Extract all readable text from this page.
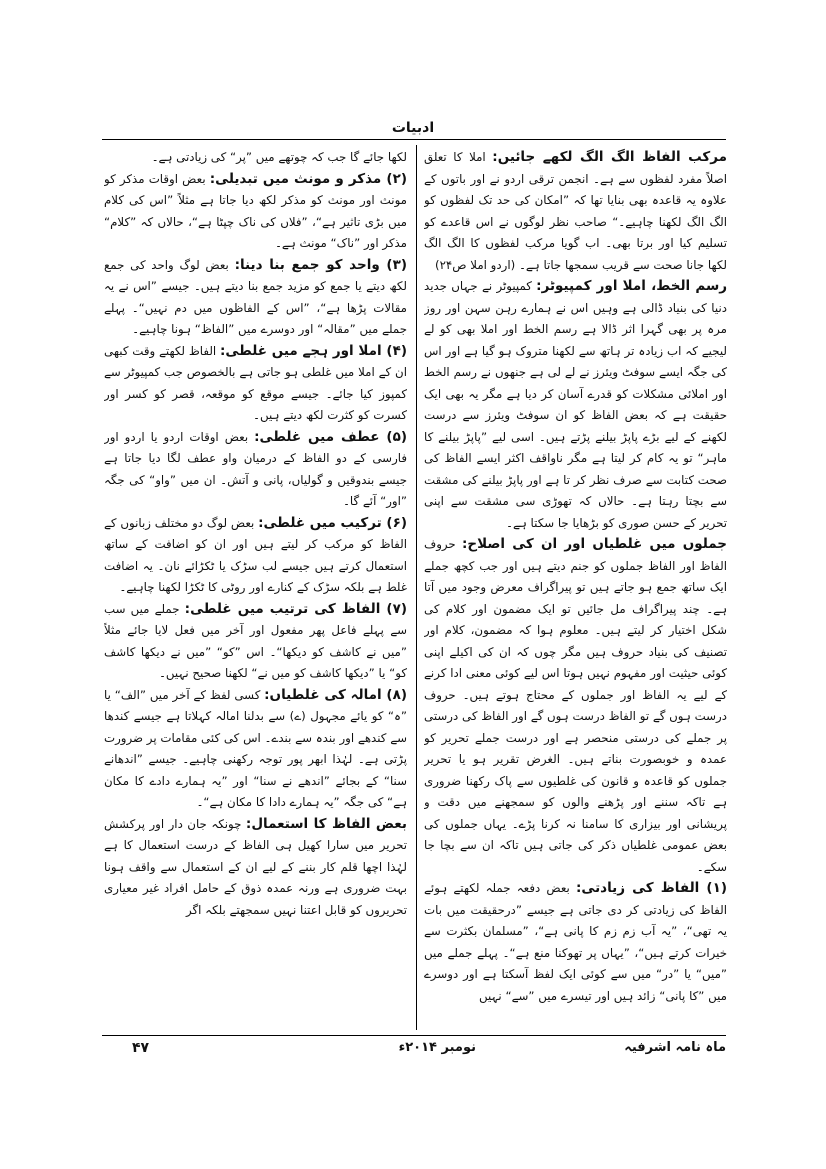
ادبیات

مرکب الفاظ الگ الگ لکھے جائیں: املا کا تعلق اصلاً مفرد لفظوں سے ہے۔ انجمن ترقی اردو نے اور باتوں کے علاوہ یہ قاعدہ بھی بنایا تھا کہ ”امکان کی حد تک لفظوں کو الگ الگ لکھنا چاہیے۔“ صاحب نظر لوگوں نے اس قاعدے کو تسلیم کیا اور برتا بھی۔ اب گویا مرکب لفظوں کا الگ الگ لکھا جانا صحت سے قریب سمجھا جاتا ہے۔ (اردو املا ص۲۴)

رسم الخط، املا اور کمپیوٹر: کمپیوٹر نے جہاں جدید دنیا کی بنیاد ڈالی ہے وہیں اس نے ہمارے رہن سہن اور روز مرہ پر بھی گہرا اثر ڈالا ہے رسم الخط اور املا بھی کو لے لیجیے کہ اب زیادہ تر ہاتھ سے لکھنا متروک ہو گیا ہے اور اس کی جگہ ایسے سوفٹ ویئرز نے لے لی ہے جنھوں نے رسم الخط اور املائی مشکلات کو قدرے آسان کر دیا ہے مگر یہ بھی ایک حقیقت ہے کہ بعض الفاظ کو ان سوفٹ ویئرز سے درست لکھنے کے لیے بڑے پاپڑ بیلنے پڑتے ہیں۔ اسی لیے ”پاپڑ بیلنے کا ماہر“ تو یہ کام کر لیتا ہے مگر ناواقف اکثر ایسے الفاظ کی صحت کتابت سے صرف نظر کر تا ہے اور پاپڑ بیلنے کی مشقت سے بچتا رہتا ہے۔ حالاں کہ تھوڑی سی مشقت سے اپنی تحریر کے حسن صوری کو بڑھایا جا سکتا ہے۔

جملوں میں غلطیاں اور ان کی اصلاح: حروف الفاظ اور الفاظ جملوں کو جنم دیتے ہیں اور جب کچھ جملے ایک ساتھ جمع ہو جاتے ہیں تو پیراگراف معرض وجود میں آتا ہے۔ چند پیراگراف مل جائیں تو ایک مضمون اور کلام کی شکل اختیار کر لیتے ہیں۔ معلوم ہوا کہ مضمون، کلام اور تصنیف کی بنیاد حروف ہیں مگر چوں کہ ان کی اکیلے اپنی کوئی حیثیت اور مفہوم نہیں ہوتا اس لیے کوئی معنی ادا کرنے کے لیے یہ الفاظ اور جملوں کے محتاج ہوتے ہیں۔ حروف درست ہوں گے تو الفاظ درست ہوں گے اور الفاظ کی درستی پر جملے کی درستی منحصر ہے اور درست جملے تحریر کو عمدہ و خوبصورت بناتے ہیں۔ الغرض تقریر ہو یا تحریر جملوں کو قاعدہ و قانون کی غلطیوں سے پاک رکھنا ضروری ہے تاکہ سننے اور پڑھنے والوں کو سمجھنے میں دقت و پریشانی اور بیزاری کا سامنا نہ کرنا پڑے۔ یہاں جملوں کی بعض عمومی غلطیاں ذکر کی جاتی ہیں تاکہ ان سے بچا جا سکے۔

(۱) الفاظ کی زیادتی: بعض دفعہ جملہ لکھتے ہوئے الفاظ کی زیادتی کر دی جاتی ہے جیسے ”درحقیقت میں بات یہ تھی“، ”یہ آب زم زم کا پانی ہے“، ”مسلمان بکثرت سے خیرات کرتے ہیں“، ”یہاں پر تھوکنا منع ہے“۔ پہلے جملے میں ”میں“ یا ”در“ میں سے کوئی ایک لفظ آسکتا ہے اور دوسرے میں ”کا پانی“ زائد ہیں اور تیسرے میں ”سے“ نہیں

لکھا جائے گا جب کہ چوتھے میں ”پر“ کی زیادتی ہے۔

(۲) مذکر و مونث میں تبدیلی: بعض اوقات مذکر کو مونث اور مونث کو مذکر لکھ دیا جاتا ہے مثلاً ”اس کی کلام میں بڑی تاثیر ہے“، ”فلاں کی ناک چپٹا ہے“، حالاں کہ ”کلام“ مذکر اور ”ناک“ مونث ہے۔

(۳) واحد کو جمع بنا دینا: بعض لوگ واحد کی جمع لکھ دیتے یا جمع کو مزید جمع بنا دیتے ہیں۔ جیسے ”اس نے یہ مقالات پڑھا ہے“، ”اس کے الفاظوں میں دم نہیں“۔ پہلے جملے میں ”مقالہ“ اور دوسرے میں ”الفاظ“ ہونا چاہیے۔

(۴) املا اور ہجے میں غلطی: الفاظ لکھتے وقت کبھی ان کے املا میں غلطی ہو جاتی ہے بالخصوص جب کمپیوٹر سے کمپوز کیا جائے۔ جیسے موقع کو موقعہ، قصر کو کسر اور کسرت کو کثرت لکھ دیتے ہیں۔

(۵) عطف میں غلطی: بعض اوقات اردو یا اردو اور فارسی کے دو الفاظ کے درمیان واو عطف لگا دیا جاتا ہے جیسے بندوقیں و گولیاں، پانی و آتش۔ ان میں ”واو“ کی جگہ ”اور“ آئے گا۔

(۶) ترکیب میں غلطی: بعض لوگ دو مختلف زبانوں کے الفاظ کو مرکب کر لیتے ہیں اور ان کو اضافت کے ساتھ استعمال کرتے ہیں جیسے لب سڑک یا ٹکڑائے نان۔ یہ اضافت غلط ہے بلکہ سڑک کے کنارے اور روٹی کا ٹکڑا لکھنا چاہیے۔

(۷) الفاظ کی ترتیب میں غلطی: جملے میں سب سے پہلے فاعل پھر مفعول اور آخر میں فعل لایا جائے مثلاً ”میں نے کاشف کو دیکھا“۔ اس ”کو“ ”میں نے دیکھا کاشف کو“ یا ”دیکھا کاشف کو میں نے“ لکھنا صحیح نہیں۔

(۸) امالہ کی غلطیاں: کسی لفظ کے آخر میں ”الف“ یا ”ہ“ کو یائے مجہول (ے) سے بدلنا امالہ کہلاتا ہے جیسے کندھا سے کندھے اور بندہ سے بندے۔ اس کی کئی مقامات پر ضرورت پڑتی ہے۔ لہٰذا ابھر پور توجہ رکھنی چاہیے۔ جیسے ”اندھانے سنا“ کے بجائے ”اندھے نے سنا“ اور ”یہ ہمارے دادے کا مکان ہے“ کی جگہ ”یہ ہمارے دادا کا مکان ہے“۔

بعض الفاظ کا استعمال: چونکہ جان دار اور پرکشش تحریر میں سارا کھیل ہی الفاظ کے درست استعمال کا ہے لہٰذا اچھا قلم کار بننے کے لیے ان کے استعمال سے واقف ہونا بہت ضروری ہے ورنہ عمدہ ذوق کے حامل افراد غیر معیاری تحریروں کو قابل اعتنا نہیں سمجھتے بلکہ اگر

ماہ نامہ اشرفیہ
نومبر ۲۰۱۴ء
۴۷
